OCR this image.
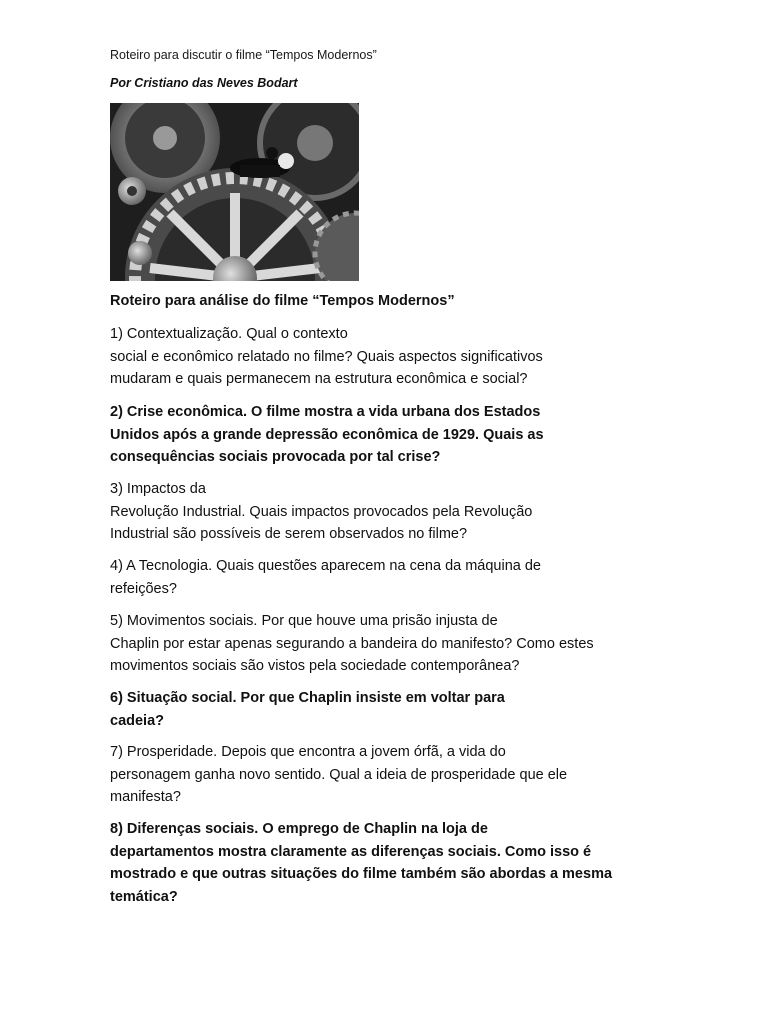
Roteiro para discutir o filme “Tempos Modernos”
Por Cristiano das Neves Bodart
Roteiro para análise do filme “Tempos Modernos”
1) Contextualização. Qual o contexto
social e econômico relatado no filme? Quais aspectos significativos
mudaram e quais permanecem na estrutura econômica e social?
2) Crise econômica. O filme mostra a vida urbana dos Estados
Unidos após a grande depressão econômica de 1929. Quais as
consequências sociais provocada por tal crise?
3) Impactos da
Revolução Industrial. Quais impactos provocados pela Revolução
Industrial são possíveis de serem observados no filme?
4) A Tecnologia. Quais questões aparecem na cena da máquina de
refeições?
5) Movimentos sociais. Por que houve uma prisão injusta de
Chaplin por estar apenas segurando a bandeira do manifesto? Como estes
movimentos sociais são vistos pela sociedade contemporânea?
6) Situação social. Por que Chaplin insiste em voltar para
cadeia?
7) Prosperidade. Depois que encontra a jovem órfã, a vida do
personagem ganha novo sentido. Qual a ideia de prosperidade que ele
manifesta?
8) Diferenças sociais. O emprego de Chaplin na loja de
departamentos mostra claramente as diferenças sociais. Como isso é
mostrado e que outras situações do filme também são abordas a mesma
temática?
